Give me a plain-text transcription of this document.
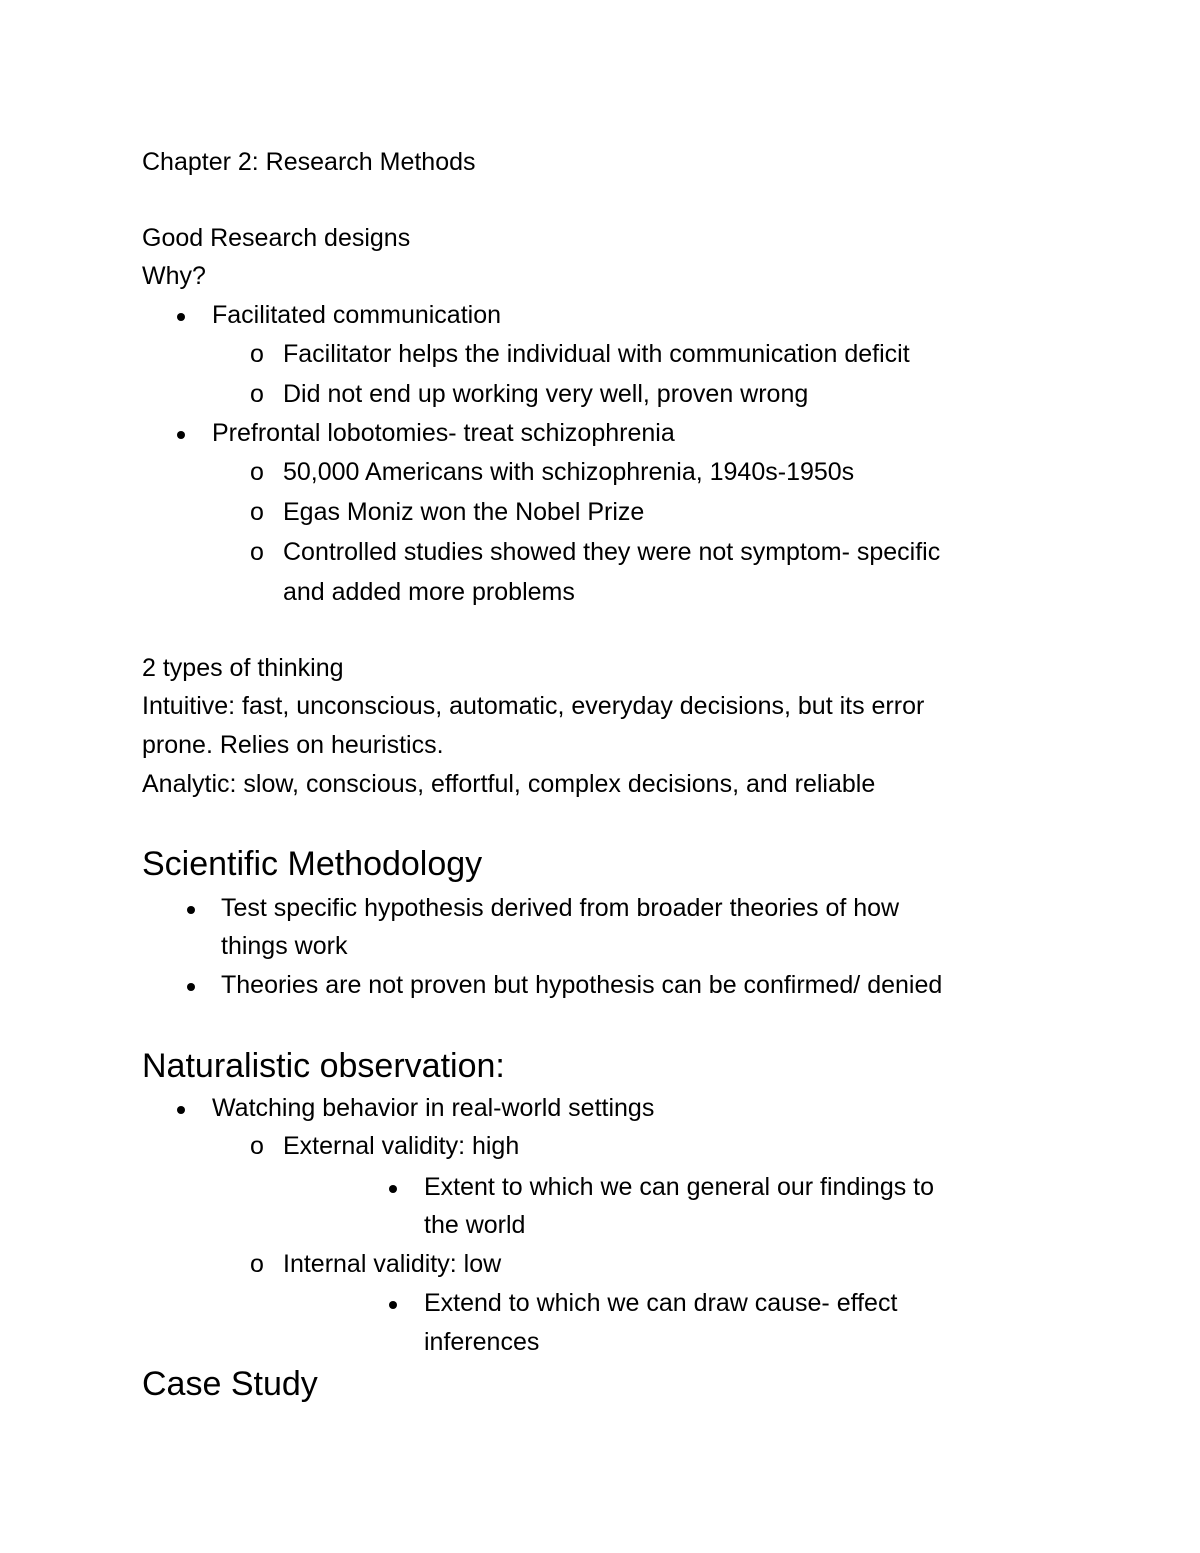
Chapter 2: Research Methods
Good Research designs
Why?
Facilitated communication
o Facilitator helps the individual with communication deficit
o Did not end up working very well, proven wrong
Prefrontal lobotomies- treat schizophrenia
o 50,000 Americans with schizophrenia, 1940s-1950s
o Egas Moniz won the Nobel Prize
o Controlled studies showed they were not symptom- specific
and added more problems
2 types of thinking
Intuitive: fast, unconscious, automatic, everyday decisions, but its error
prone. Relies on heuristics.
Analytic: slow, conscious, effortful, complex decisions, and reliable
Scientific Methodology
Test specific hypothesis derived from broader theories of how
things work
Theories are not proven but hypothesis can be confirmed/ denied
Naturalistic observation:
Watching behavior in real-world settings
o External validity: high
Extent to which we can general our findings to
the world
o Internal validity: low
Extend to which we can draw cause- effect
inferences
Case Study
